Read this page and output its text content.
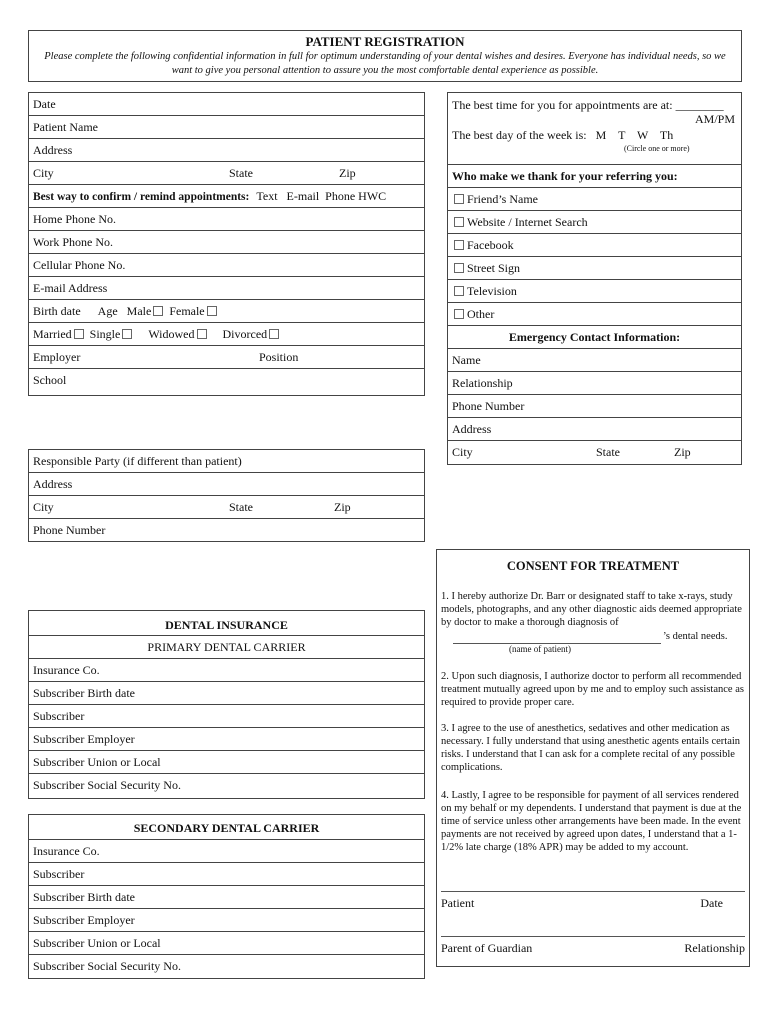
PATIENT REGISTRATION
Please complete the following confidential information in full for optimum understanding of your dental wishes and desires. Everyone has individual needs, so we want to give you personal attention to assure you the most comfortable dental experience as possible.
Date
Patient Name
Address
City	State	Zip
Best way to confirm / remind appointments: Text   E-mail  Phone HWC
Home Phone No.
Work Phone No.
Cellular Phone No.
E-mail Address
Birth date Age Male Female
Married Single Widowed Divorced
Employer	Position
School
The best time for you for appointments are at: ________
AM/PM
The best day of the week is: M    T    W    Th
(Circle one or more)
Who make we thank for your referring you:
Friend’s Name
Website / Internet Search
Facebook
Street Sign
Television
Other
Emergency Contact Information:
Name
Relationship
Phone Number
Address
City	State	Zip
Responsible Party (if different than patient)
Address
City	State	Zip
Phone Number
DENTAL INSURANCE
PRIMARY DENTAL CARRIER
Insurance Co.
Subscriber Birth date
Subscriber
Subscriber Employer
Subscriber Union or Local
Subscriber Social Security No.
SECONDARY DENTAL CARRIER
Insurance Co.
Subscriber
Subscriber Birth date
Subscriber Employer
Subscriber Union or Local
Subscriber Social Security No.
CONSENT FOR TREATMENT
1. I hereby authorize Dr. Barr or designated staff to take x-rays, study models, photographs, and any other diagnostic aids deemed appropriate by doctor to make a thorough diagnosis of
’s dental needs.
(name of patient)
2. Upon such diagnosis, I authorize doctor to perform all recommended treatment mutually agreed upon by me and to employ such assistance as required to provide proper care.
3. I agree to the use of anesthetics, sedatives and other medication as necessary. I fully understand that using anesthetic agents entails certain risks. I understand that I can ask for a complete recital of any possible complications.
4. Lastly, I agree to be responsible for payment of all services rendered on my behalf or my dependents. I understand that payment is due at the time of service unless other arrangements have been made. In the event payments are not received by agreed upon dates, I understand that a 1-1/2% late charge (18% APR) may be added to my account.
Patient	Date
Parent of Guardian	Relationship
